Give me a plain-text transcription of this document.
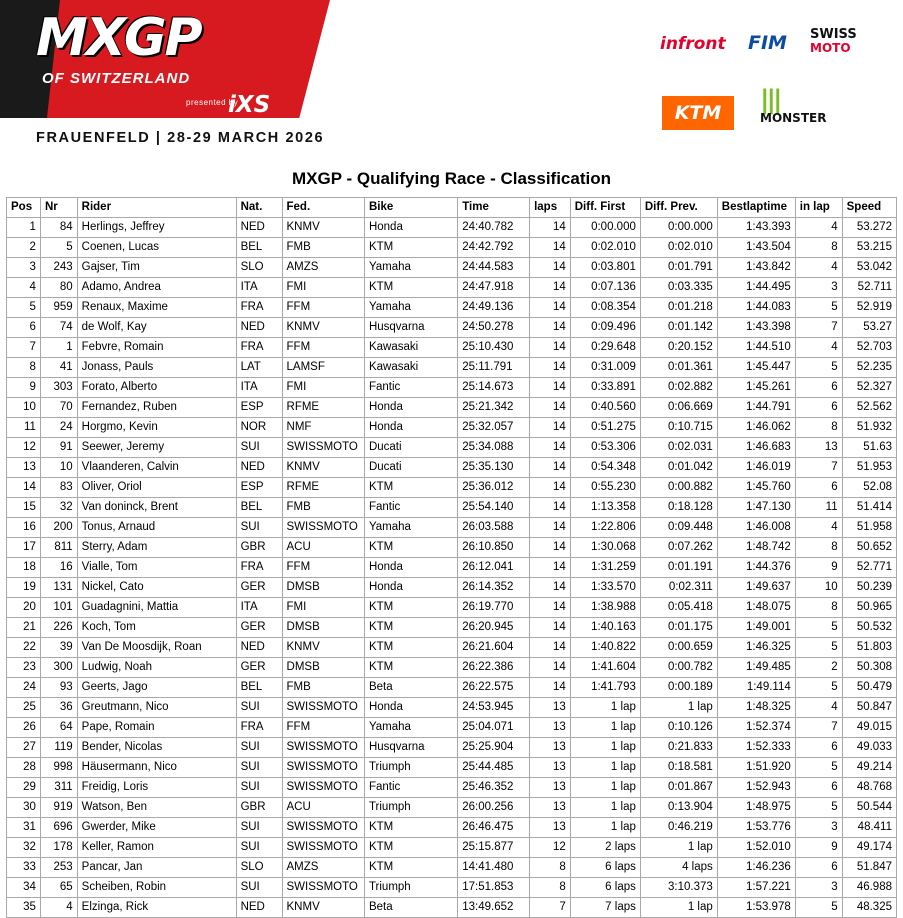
MXGP
OF SWITZERLAND
presented by
iXS
FRAUENFELD | 28-29 MARCH 2026
infront FIM SWISS
MOTO
KTM	|||
MONSTER
MXGP - Qualifying Race - Classification
Pos	Nr	Rider	Nat.	Fed.	Bike	Time	laps	Diff. First	Diff. Prev.	Bestlaptime	in lap	Speed
1	84	Herlings, Jeffrey	NED	KNMV	Honda	24:40.782	14	0:00.000	0:00.000	1:43.393	4	53.272
2	5	Coenen, Lucas	BEL	FMB	KTM	24:42.792	14	0:02.010	0:02.010	1:43.504	8	53.215
3	243	Gajser, Tim	SLO	AMZS	Yamaha	24:44.583	14	0:03.801	0:01.791	1:43.842	4	53.042
4	80	Adamo, Andrea	ITA	FMI	KTM	24:47.918	14	0:07.136	0:03.335	1:44.495	3	52.711
5	959	Renaux, Maxime	FRA	FFM	Yamaha	24:49.136	14	0:08.354	0:01.218	1:44.083	5	52.919
6	74	de Wolf, Kay	NED	KNMV	Husqvarna	24:50.278	14	0:09.496	0:01.142	1:43.398	7	53.27
7	1	Febvre, Romain	FRA	FFM	Kawasaki	25:10.430	14	0:29.648	0:20.152	1:44.510	4	52.703
8	41	Jonass, Pauls	LAT	LAMSF	Kawasaki	25:11.791	14	0:31.009	0:01.361	1:45.447	5	52.235
9	303	Forato, Alberto	ITA	FMI	Fantic	25:14.673	14	0:33.891	0:02.882	1:45.261	6	52.327
10	70	Fernandez, Ruben	ESP	RFME	Honda	25:21.342	14	0:40.560	0:06.669	1:44.791	6	52.562
11	24	Horgmo, Kevin	NOR	NMF	Honda	25:32.057	14	0:51.275	0:10.715	1:46.062	8	51.932
12	91	Seewer, Jeremy	SUI	SWISSMOTO	Ducati	25:34.088	14	0:53.306	0:02.031	1:46.683	13	51.63
13	10	Vlaanderen, Calvin	NED	KNMV	Ducati	25:35.130	14	0:54.348	0:01.042	1:46.019	7	51.953
14	83	Oliver, Oriol	ESP	RFME	KTM	25:36.012	14	0:55.230	0:00.882	1:45.760	6	52.08
15	32	Van doninck, Brent	BEL	FMB	Fantic	25:54.140	14	1:13.358	0:18.128	1:47.130	11	51.414
16	200	Tonus, Arnaud	SUI	SWISSMOTO	Yamaha	26:03.588	14	1:22.806	0:09.448	1:46.008	4	51.958
17	811	Sterry, Adam	GBR	ACU	KTM	26:10.850	14	1:30.068	0:07.262	1:48.742	8	50.652
18	16	Vialle, Tom	FRA	FFM	Honda	26:12.041	14	1:31.259	0:01.191	1:44.376	9	52.771
19	131	Nickel, Cato	GER	DMSB	Honda	26:14.352	14	1:33.570	0:02.311	1:49.637	10	50.239
20	101	Guadagnini, Mattia	ITA	FMI	KTM	26:19.770	14	1:38.988	0:05.418	1:48.075	8	50.965
21	226	Koch, Tom	GER	DMSB	KTM	26:20.945	14	1:40.163	0:01.175	1:49.001	5	50.532
22	39	Van De Moosdijk, Roan	NED	KNMV	KTM	26:21.604	14	1:40.822	0:00.659	1:46.325	5	51.803
23	300	Ludwig, Noah	GER	DMSB	KTM	26:22.386	14	1:41.604	0:00.782	1:49.485	2	50.308
24	93	Geerts, Jago	BEL	FMB	Beta	26:22.575	14	1:41.793	0:00.189	1:49.114	5	50.479
25	36	Greutmann, Nico	SUI	SWISSMOTO	Honda	24:53.945	13	1 lap	1 lap	1:48.325	4	50.847
26	64	Pape, Romain	FRA	FFM	Yamaha	25:04.071	13	1 lap	0:10.126	1:52.374	7	49.015
27	119	Bender, Nicolas	SUI	SWISSMOTO	Husqvarna	25:25.904	13	1 lap	0:21.833	1:52.333	6	49.033
28	998	Häusermann, Nico	SUI	SWISSMOTO	Triumph	25:44.485	13	1 lap	0:18.581	1:51.920	5	49.214
29	311	Freidig, Loris	SUI	SWISSMOTO	Fantic	25:46.352	13	1 lap	0:01.867	1:52.943	6	48.768
30	919	Watson, Ben	GBR	ACU	Triumph	26:00.256	13	1 lap	0:13.904	1:48.975	5	50.544
31	696	Gwerder, Mike	SUI	SWISSMOTO	KTM	26:46.475	13	1 lap	0:46.219	1:53.776	3	48.411
32	178	Keller, Ramon	SUI	SWISSMOTO	KTM	25:15.877	12	2 laps	1 lap	1:52.010	9	49.174
33	253	Pancar, Jan	SLO	AMZS	KTM	14:41.480	8	6 laps	4 laps	1:46.236	6	51.847
34	65	Scheiben, Robin	SUI	SWISSMOTO	Triumph	17:51.853	8	6 laps	3:10.373	1:57.221	3	46.988
35	4	Elzinga, Rick	NED	KNMV	Beta	13:49.652	7	7 laps	1 lap	1:53.978	5	48.325
